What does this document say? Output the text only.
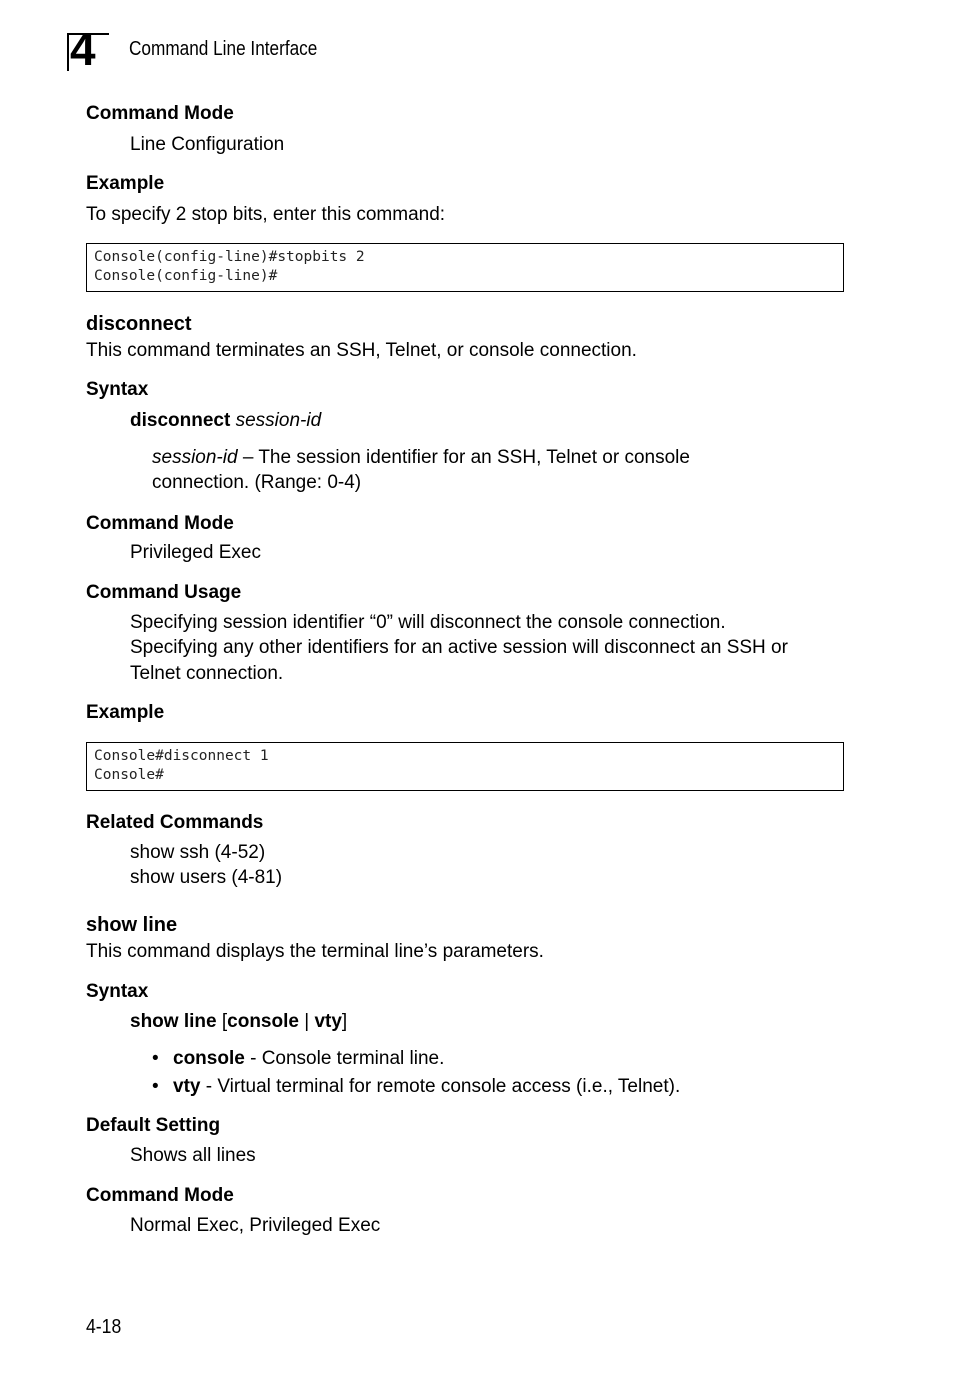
4 Command Line Interface
Command Mode
Line Configuration
Example
To specify 2 stop bits, enter this command:
Console(config-line)#stopbits 2
Console(config-line)#
disconnect
This command terminates an SSH, Telnet, or console connection.
Syntax
disconnect session-id
session-id – The session identifier for an SSH, Telnet or console
connection. (Range: 0-4)
Command Mode
Privileged Exec
Command Usage
Specifying session identifier “0” will disconnect the console connection.
Specifying any other identifiers for an active session will disconnect an SSH or
Telnet connection.
Example
Console#disconnect 1
Console#
Related Commands
show ssh (4-52)
show users (4-81)
show line
This command displays the terminal line’s parameters.
Syntax
show line [console | vty]
• console - Console terminal line.
• vty - Virtual terminal for remote console access (i.e., Telnet).
Default Setting
Shows all lines
Command Mode
Normal Exec, Privileged Exec
4-18
